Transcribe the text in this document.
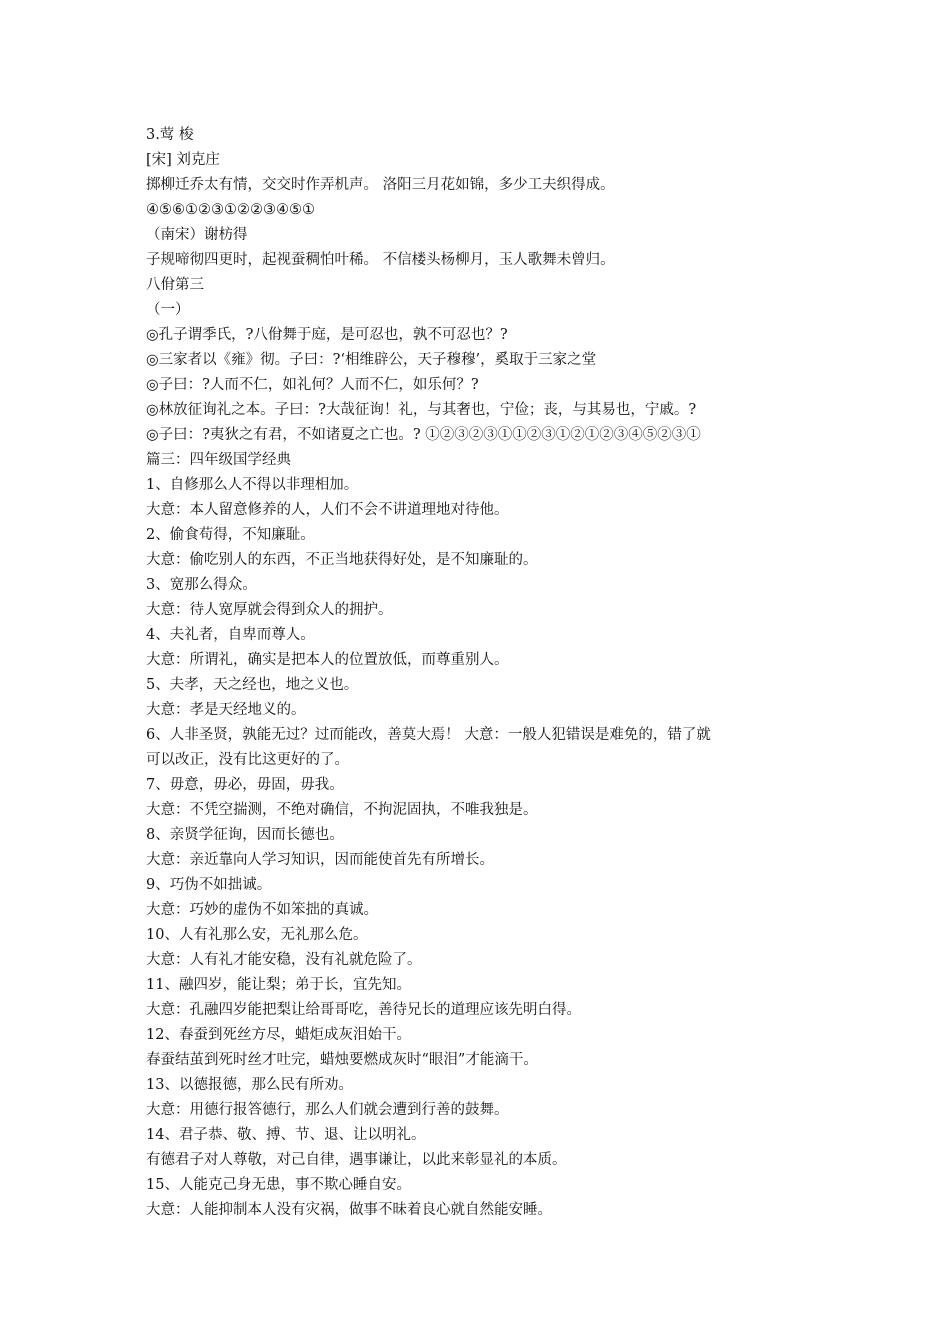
3.莺 梭
[宋] 刘克庄
掷柳迁乔太有情，交交时作弄机声。 洛阳三月花如锦，多少工夫织得成。
④⑤⑥①②③①②②③④⑤①
（南宋）谢枋得
子规啼彻四更时，起视蚕稠怕叶稀。 不信楼头杨柳月，玉人歌舞未曾归。
八佾第三
（一）
◎孔子谓季氏，?八佾舞于庭，是可忍也，孰不可忍也？?
◎三家者以《雍》彻。子曰：?‘相维辟公，天子穆穆’，奚取于三家之堂
◎子曰：?人而不仁，如礼何？人而不仁，如乐何？?
◎林放征询礼之本。子曰：?大哉征询！礼，与其奢也，宁俭；丧，与其易也，宁戚。?
◎子曰：?夷狄之有君，不如诸夏之亡也。? ①②③②③①①②③①②①②③④⑤②③①
篇三：四年级国学经典
1、自修那么人不得以非理相加。
大意：本人留意修养的人，人们不会不讲道理地对待他。
2、偷食苟得，不知廉耻。
大意：偷吃别人的东西，不正当地获得好处，是不知廉耻的。
3、宽那么得众。
大意：待人宽厚就会得到众人的拥护。
4、夫礼者，自卑而尊人。
大意：所谓礼，确实是把本人的位置放低，而尊重别人。
5、夫孝，天之经也，地之义也。
大意：孝是天经地义的。
6、人非圣贤，孰能无过？过而能改，善莫大焉！ 大意：一般人犯错误是难免的，错了就
可以改正，没有比这更好的了。
7、毋意，毋必，毋固，毋我。
大意：不凭空揣测，不绝对确信，不拘泥固执，不唯我独是。
8、亲贤学征询，因而长德也。
大意：亲近靠向人学习知识，因而能使首先有所增长。
9、巧伪不如拙诚。
大意：巧妙的虚伪不如笨拙的真诚。
10、人有礼那么安，无礼那么危。
大意：人有礼才能安稳，没有礼就危险了。
11、融四岁，能让梨；弟于长，宜先知。
大意：孔融四岁能把梨让给哥哥吃，善待兄长的道理应该先明白得。
12、春蚕到死丝方尽，蜡炬成灰泪始干。
春蚕结茧到死时丝才吐完，蜡烛要燃成灰时“眼泪”才能滴干。
13、以德报德，那么民有所劝。
大意：用德行报答德行，那么人们就会遭到行善的鼓舞。
14、君子恭、敬、搏、节、退、让以明礼。
有德君子对人尊敬，对己自律，遇事谦让，以此来彰显礼的本质。
15、人能克己身无患，事不欺心睡自安。
大意：人能抑制本人没有灾祸，做事不昧着良心就自然能安睡。
